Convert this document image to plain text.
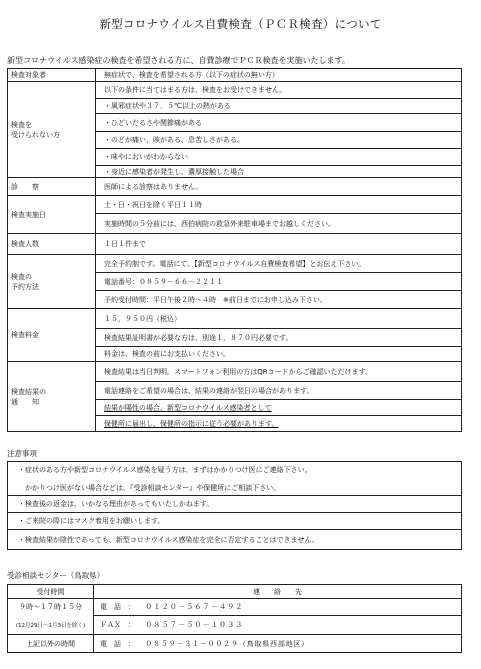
新型コロナウイルス自費検査（ＰＣＲ検査）について
新型コロナウイルス感染症の検査を希望される方に、自費診療でＰＣＲ検査を実施いたします。
検査対象者	無症状で、検査を希望される方（以下の症状の無い方）
検査を
受けられない方	以下の条件に当てはまる方は、検査をお受けできません。
	・風邪症状や３７．５℃以上の熱がある
	・ひどいだるさや関節痛がある
	・のどが痛い、咳がある、息苦しさがある。
	・味やにおいがわからない
	・身近に感染者が発生し、濃厚接触した場合
診　　察	医師による診察はありません。
検査実施日	土・日・祝日を除く平日１１時
	実施時間の５分前には、西伯病院の救急外来駐車場までお越しください。
検査人数	１日１件まで
検査の
予約方法	完全予約制です。電話にて、【新型コロナウイルス自費検査希望】とお伝え下さい。
	電話番号：０８５９－６６－２２１１
	予約受付時間：平日午後２時～４時　※前日までにお申し込み下さい。
検査料金	１５，９５０円（税込）
	検査結果証明書が必要な方は、別途１，８７０円必要です。
	料金は、検査の前にお支払いください。
検査結果の
通　　知	検査結果は当日判明。スマートフォン利用の方はQRコードからご確認いただけます。
	電話連絡をご希望の場合は、結果の連絡が翌日の場合があります。
	結果が陽性の場合、新型コロナウイルス感染者として
	保健所に届出し、保健所の指示に従う必要があります。
注意事項
・症状のある方や新型コロナウイルス感染を疑う方は、まずはかかりつけ医にご連絡下さい。
　かかりつけ医がない場合などは、『受診相談センター』や保健所にご相談下さい。

・検査後の返金は、いかなる理由があってもいたしかねます。
・ご来院の際にはマスク着用をお願いします。
・検査結果が陰性であっても、新型コロナウイルス感染症を完全に否定することはできません。
受診相談センター（鳥取県）
受付時間	連　　絡　　先
９時～１７時１５分	電　話　： ０１２０－５６７－４９２
(12月29日～1月3日を除く)	ＦＡＸ　： ０８５７－５０－１０３３
上記以外の時間	電　話　： ０８５９－３１－００２９（鳥取県西部地区）
